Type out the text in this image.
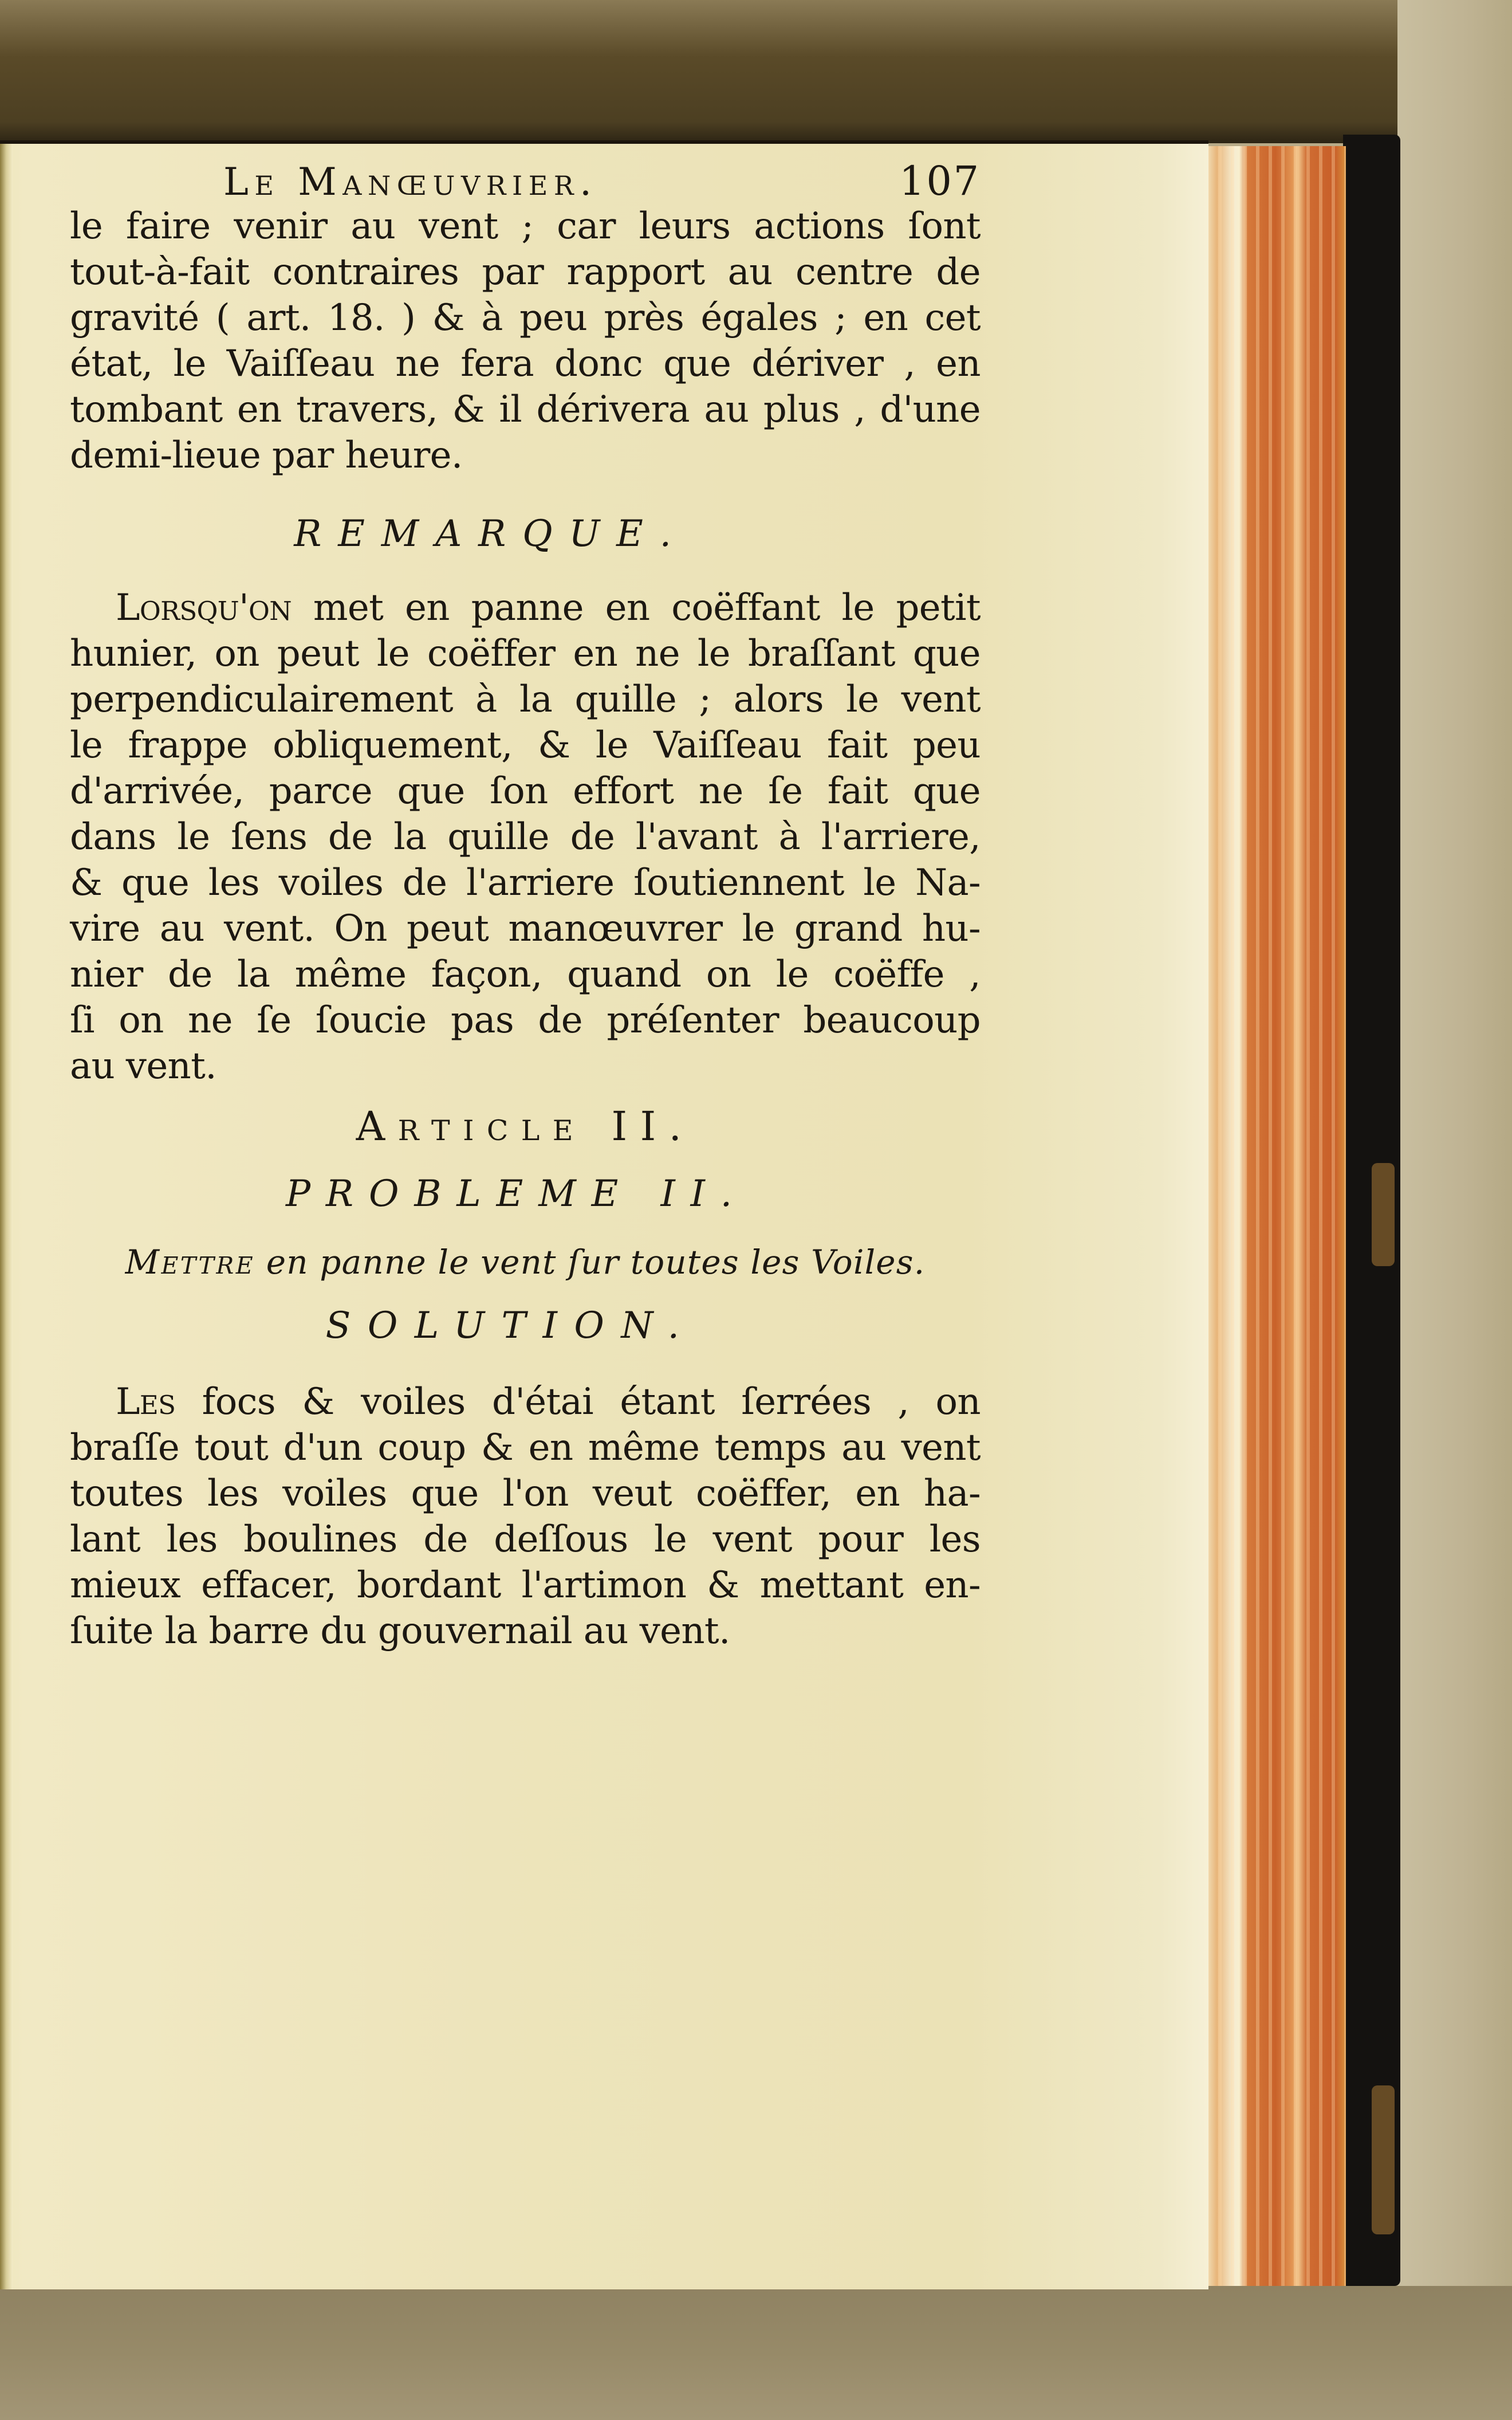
Le Manœuvrier.	107

le faire venir au vent ; car leurs actions ſont
tout-à-fait contraires par rapport au centre de
gravité ( art. 18. ) & à peu près égales ; en cet
état, le Vaiſſeau ne fera donc que dériver , en
tombant en travers, & il dérivera au plus , d'une
demi-lieue par heure.

REMARQUE.

Lorsqu'on met en panne en coëffant le petit
hunier, on peut le coëffer en ne le braſſant que
perpendiculairement à la quille ; alors le vent
le frappe obliquement, & le Vaiſſeau fait peu
d'arrivée, parce que ſon effort ne ſe fait que
dans le ſens de la quille de l'avant à l'arriere,
& que les voiles de l'arriere ſoutiennent le Na-
vire au vent. On peut manœuvrer le grand hu-
nier de la même façon, quand on le coëffe ,
ſi on ne ſe ſoucie pas de préſenter beaucoup
au vent.

Article II.
PROBLEME II.
Mettre en panne le vent ſur toutes les Voiles.
SOLUTION.

Les focs & voiles d'étai étant ſerrées , on
braſſe tout d'un coup & en même temps au vent
toutes les voiles que l'on veut coëffer, en ha-
lant les boulines de deſſous le vent pour les
mieux effacer, bordant l'artimon & mettant en-
ſuite la barre du gouvernail au vent.
